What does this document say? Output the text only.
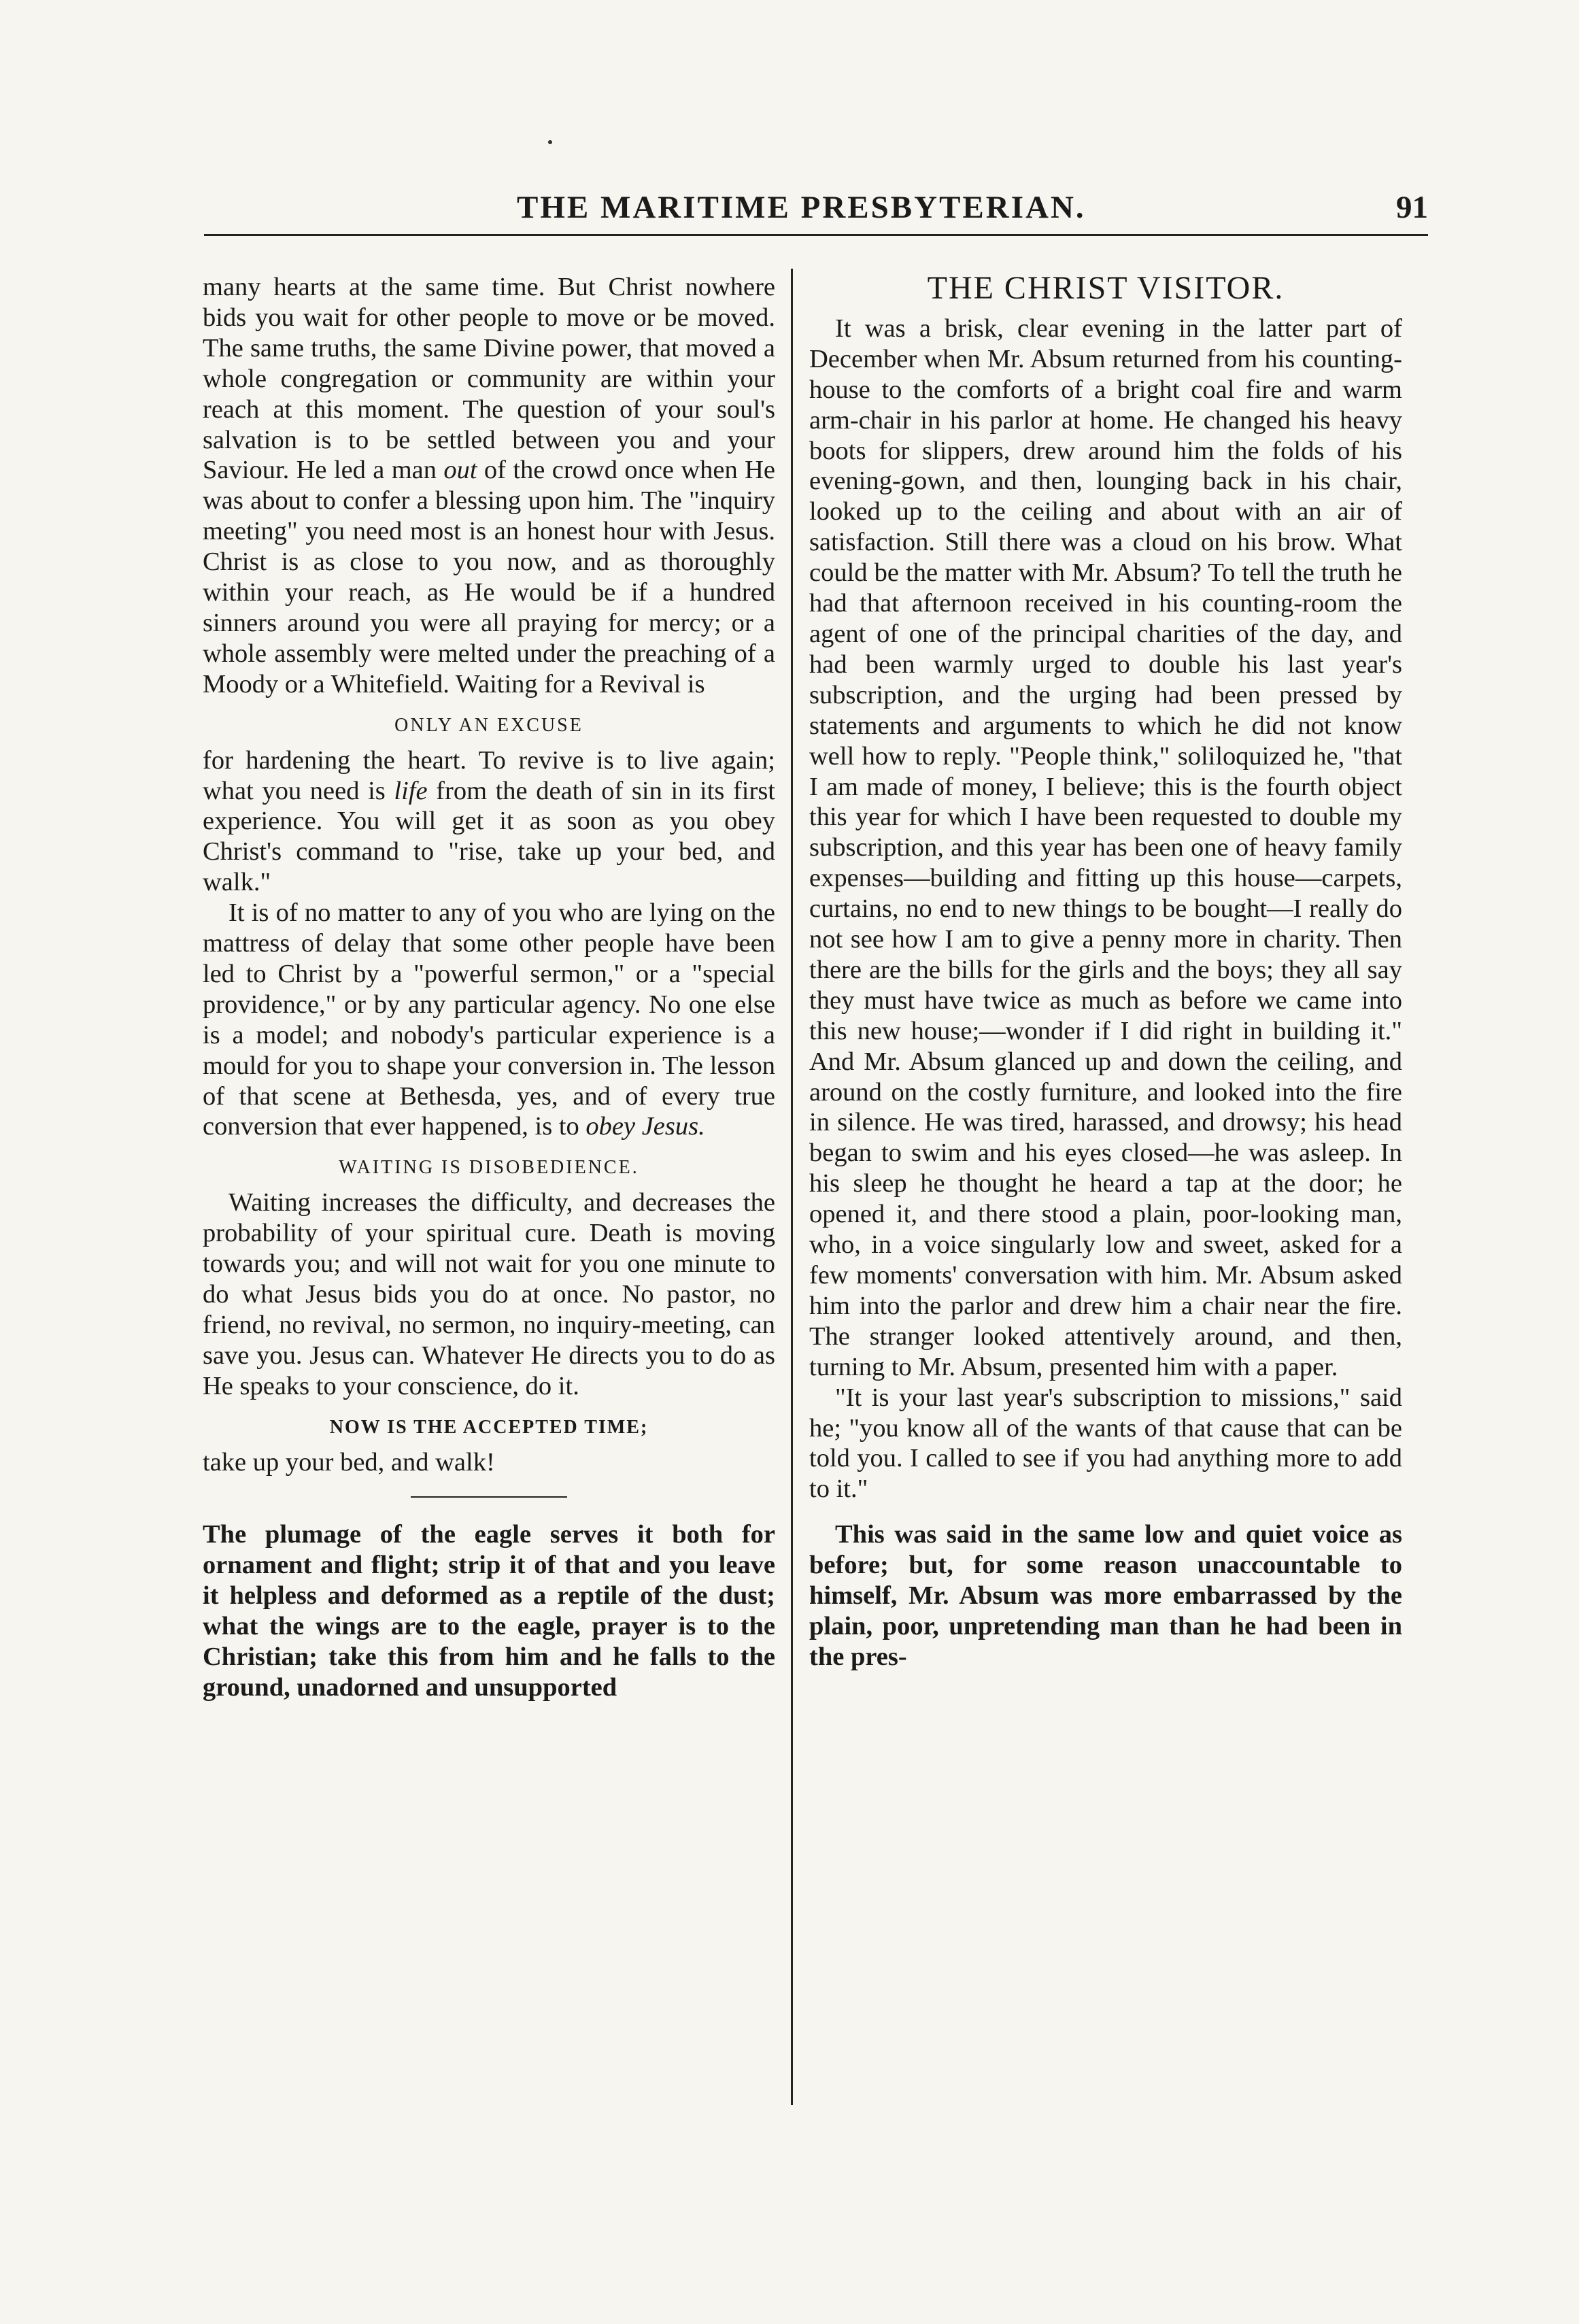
THE MARITIME PRESBYTERIAN.	91

many hearts at the same time. But Christ nowhere bids you wait for other people to move or be moved. The same truths, the same Divine power, that moved a whole congregation or community are within your reach at this moment. The question of your soul's salvation is to be settled between you and your Saviour. He led a man out of the crowd once when He was about to confer a blessing upon him. The "inquiry meeting" you need most is an honest hour with Jesus. Christ is as close to you now, and as thoroughly within your reach, as He would be if a hundred sinners around you were all praying for mercy; or a whole assembly were melted under the preaching of a Moody or a Whitefield. Waiting for a Revival is

ONLY AN EXCUSE

for hardening the heart. To revive is to live again; what you need is life from the death of sin in its first experience. You will get it as soon as you obey Christ's command to "rise, take up your bed, and walk."

It is of no matter to any of you who are lying on the mattress of delay that some other people have been led to Christ by a "powerful sermon," or a "special providence," or by any particular agency. No one else is a model; and nobody's particular experience is a mould for you to shape your conversion in. The lesson of that scene at Bethesda, yes, and of every true conversion that ever happened, is to obey Jesus.

WAITING IS DISOBEDIENCE.

Waiting increases the difficulty, and decreases the probability of your spiritual cure. Death is moving towards you; and will not wait for you one minute to do what Jesus bids you do at once. No pastor, no friend, no revival, no sermon, no inquiry-meeting, can save you. Jesus can. Whatever He directs you to do as He speaks to your conscience, do it.

NOW IS THE ACCEPTED TIME;

take up your bed, and walk!

The plumage of the eagle serves it both for ornament and flight; strip it of that and you leave it helpless and deformed as a reptile of the dust; what the wings are to the eagle, prayer is to the Christian; take this from him and he falls to the ground, unadorned and unsupported

THE CHRIST VISITOR.

It was a brisk, clear evening in the latter part of December when Mr. Absum returned from his counting-house to the comforts of a bright coal fire and warm arm-chair in his parlor at home. He changed his heavy boots for slippers, drew around him the folds of his evening-gown, and then, lounging back in his chair, looked up to the ceiling and about with an air of satisfaction. Still there was a cloud on his brow. What could be the matter with Mr. Absum? To tell the truth he had that afternoon received in his counting-room the agent of one of the principal charities of the day, and had been warmly urged to double his last year's subscription, and the urging had been pressed by statements and arguments to which he did not know well how to reply. "People think," soliloquized he, "that I am made of money, I believe; this is the fourth object this year for which I have been requested to double my subscription, and this year has been one of heavy family expenses—building and fitting up this house—carpets, curtains, no end to new things to be bought—I really do not see how I am to give a penny more in charity. Then there are the bills for the girls and the boys; they all say they must have twice as much as before we came into this new house;—wonder if I did right in building it." And Mr. Absum glanced up and down the ceiling, and around on the costly furniture, and looked into the fire in silence. He was tired, harassed, and drowsy; his head began to swim and his eyes closed—he was asleep. In his sleep he thought he heard a tap at the door; he opened it, and there stood a plain, poor-looking man, who, in a voice singularly low and sweet, asked for a few moments' conversation with him. Mr. Absum asked him into the parlor and drew him a chair near the fire. The stranger looked attentively around, and then, turning to Mr. Absum, presented him with a paper.

"It is your last year's subscription to missions," said he; "you know all of the wants of that cause that can be told you. I called to see if you had anything more to add to it."

This was said in the same low and quiet voice as before; but, for some reason unaccountable to himself, Mr. Absum was more embarrassed by the plain, poor, unpretending man than he had been in the pres-
